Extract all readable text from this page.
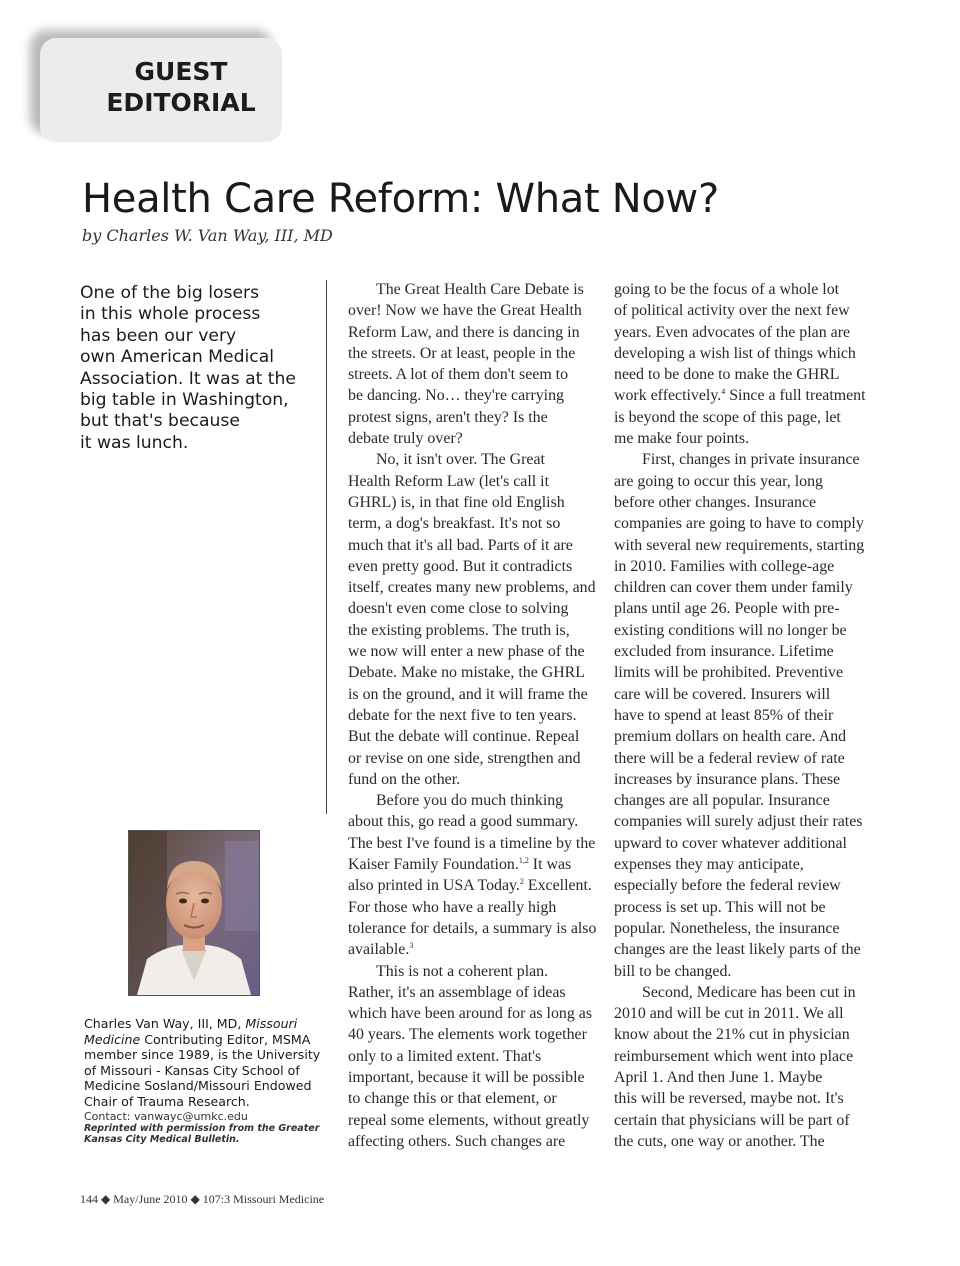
GUEST
EDITORIAL
Health Care Reform: What Now?
by Charles W. Van Way, III, MD
One of the big losers
in this whole process
has been our very
own American Medical
Association. It was at the
big table in Washington,
but that's because
it was lunch.
Charles Van Way, III, MD, Missouri
Medicine Contributing Editor, MSMA
member since 1989, is the University
of Missouri - Kansas City School of
Medicine Sosland/Missouri Endowed
Chair of Trauma Research.
Contact: vanwayc@umkc.edu
Reprinted with permission from the Greater
Kansas City Medical Bulletin.
The Great Health Care Debate is
over! Now we have the Great Health
Reform Law, and there is dancing in
the streets. Or at least, people in the
streets. A lot of them don't seem to
be dancing. No… they're carrying
protest signs, aren't they? Is the
debate truly over?
No, it isn't over. The Great
Health Reform Law (let's call it
GHRL) is, in that fine old English
term, a dog's breakfast. It's not so
much that it's all bad. Parts of it are
even pretty good. But it contradicts
itself, creates many new problems, and
doesn't even come close to solving
the existing problems. The truth is,
we now will enter a new phase of the
Debate. Make no mistake, the GHRL
is on the ground, and it will frame the
debate for the next five to ten years.
But the debate will continue. Repeal
or revise on one side, strengthen and
fund on the other.
Before you do much thinking
about this, go read a good summary.
The best I've found is a timeline by the
Kaiser Family Foundation.$^{1,2}$ It was
also printed in USA Today.$^2$ Excellent.
For those who have a really high
tolerance for details, a summary is also
available.$^3$
This is not a coherent plan.
Rather, it's an assemblage of ideas
which have been around for as long as
40 years. The elements work together
only to a limited extent. That's
important, because it will be possible
to change this or that element, or
repeal some elements, without greatly
affecting others. Such changes are
going to be the focus of a whole lot
of political activity over the next few
years. Even advocates of the plan are
developing a wish list of things which
need to be done to make the GHRL
work effectively.$^4$ Since a full treatment
is beyond the scope of this page, let
me make four points.
First, changes in private insurance
are going to occur this year, long
before other changes. Insurance
companies are going to have to comply
with several new requirements, starting
in 2010. Families with college-age
children can cover them under family
plans until age 26. People with pre-
existing conditions will no longer be
excluded from insurance. Lifetime
limits will be prohibited. Preventive
care will be covered. Insurers will
have to spend at least 85% of their
premium dollars on health care. And
there will be a federal review of rate
increases by insurance plans. These
changes are all popular. Insurance
companies will surely adjust their rates
upward to cover whatever additional
expenses they may anticipate,
especially before the federal review
process is set up. This will not be
popular. Nonetheless, the insurance
changes are the least likely parts of the
bill to be changed.
Second, Medicare has been cut in
2010 and will be cut in 2011. We all
know about the 21% cut in physician
reimbursement which went into place
April 1. And then June 1. Maybe
this will be reversed, maybe not. It's
certain that physicians will be part of
the cuts, one way or another. The
144 ◆ May/June 2010 ◆ 107:3 Missouri Medicine
